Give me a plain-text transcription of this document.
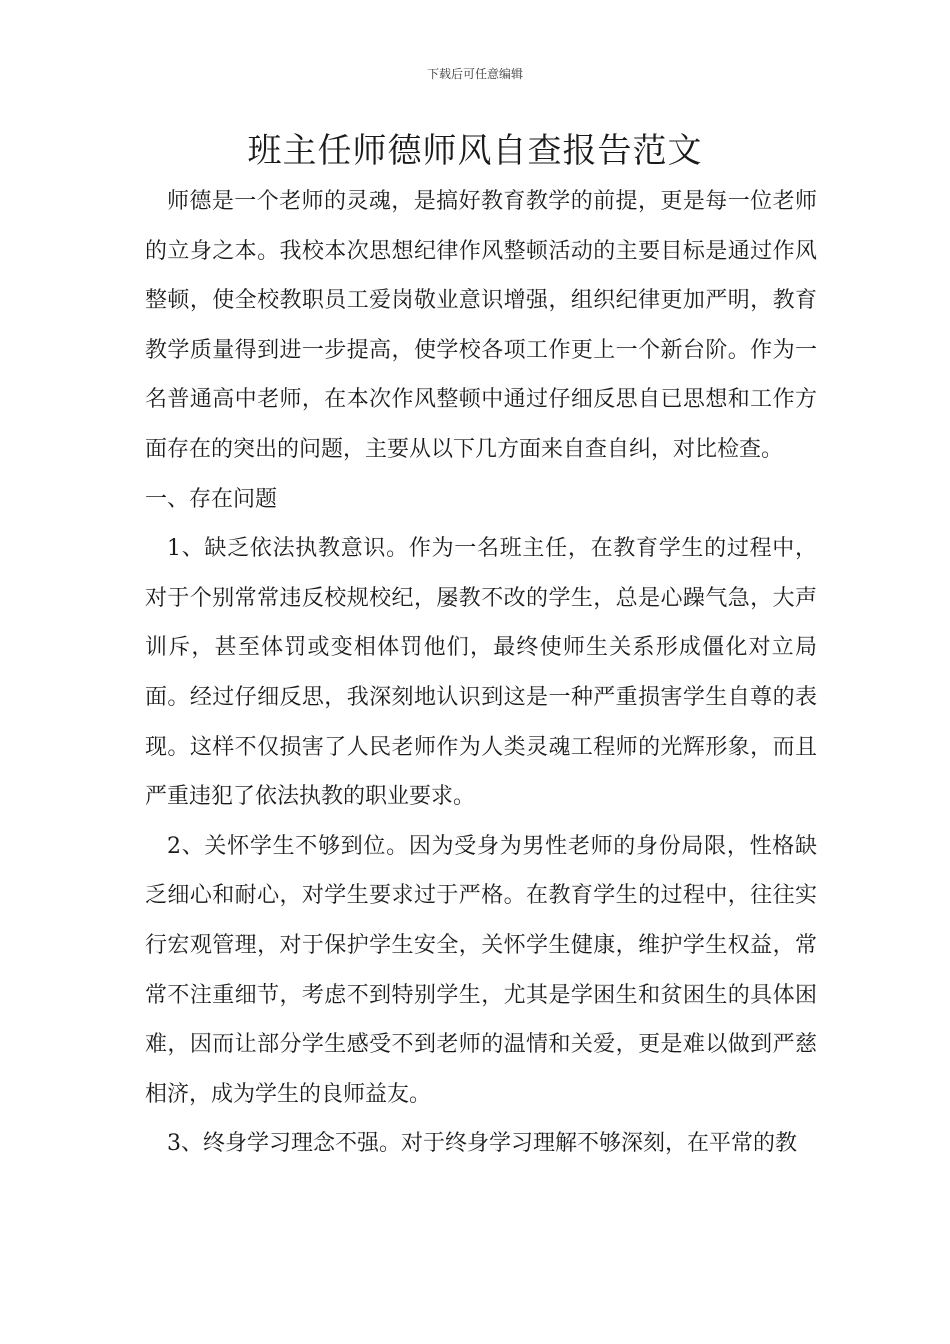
下载后可任意编辑
班主任师德师风自查报告范文

师德是一个老师的灵魂，是搞好教育教学的前提，更是每一位老师的立身之本。我校本次思想纪律作风整顿活动的主要目标是通过作风整顿，使全校教职员工爱岗敬业意识增强，组织纪律更加严明，教育教学质量得到进一步提高，使学校各项工作更上一个新台阶。作为一名普通高中老师，在本次作风整顿中通过仔细反思自已思想和工作方面存在的突出的问题，主要从以下几方面来自查自纠，对比检查。

一、存在问题

1、缺乏依法执教意识。作为一名班主任，在教育学生的过程中，对于个别常常违反校规校纪，屡教不改的学生，总是心躁气急，大声训斥，甚至体罚或变相体罚他们，最终使师生关系形成僵化对立局面。经过仔细反思，我深刻地认识到这是一种严重损害学生自尊的表现。这样不仅损害了人民老师作为人类灵魂工程师的光辉形象，而且严重违犯了依法执教的职业要求。

2、关怀学生不够到位。因为受身为男性老师的身份局限，性格缺乏细心和耐心，对学生要求过于严格。在教育学生的过程中，往往实行宏观管理，对于保护学生安全，关怀学生健康，维护学生权益，常常不注重细节，考虑不到特别学生，尤其是学困生和贫困生的具体困难，因而让部分学生感受不到老师的温情和关爱，更是难以做到严慈相济，成为学生的良师益友。

3、终身学习理念不强。对于终身学习理解不够深刻，在平常的教
